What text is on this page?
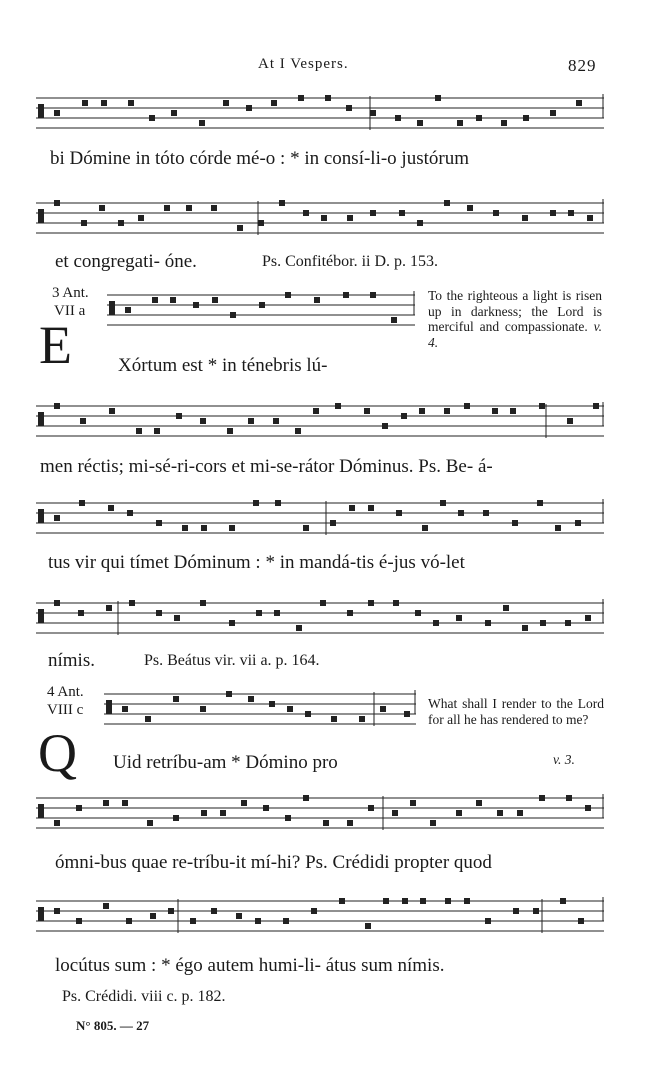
At I Vespers.	829
bi Dómine in tóto córde mé-o : * in consí-li-o justórum
et congregati- óne.	Ps. Confitébor. ii D. p. 153.
3 Ant.
VII a
E Xórtum est * in ténebris lú-
To the righteous a light is risen up in darkness; the Lord is merciful and compassionate. v. 4.
men réctis; mi-sé-ri-cors et mi-se-rátor Dóminus. Ps. Be- á-
tus vir qui tímet Dóminum : * in mandá-tis é-jus vó-let
nímis.	Ps. Beátus vir. vii a. p. 164.
4 Ant.
VIII c
Q Uid retríbu-am * Dómino pro
What shall I render to the Lord for all he has rendered to me?
v. 3.
ómni-bus quae re-tríbu-it mí-hi? Ps. Crédidi propter quod
locútus sum : * égo autem humi-li- átus sum nímis.
Ps. Crédidi. viii c. p. 182.
N° 805. — 27
